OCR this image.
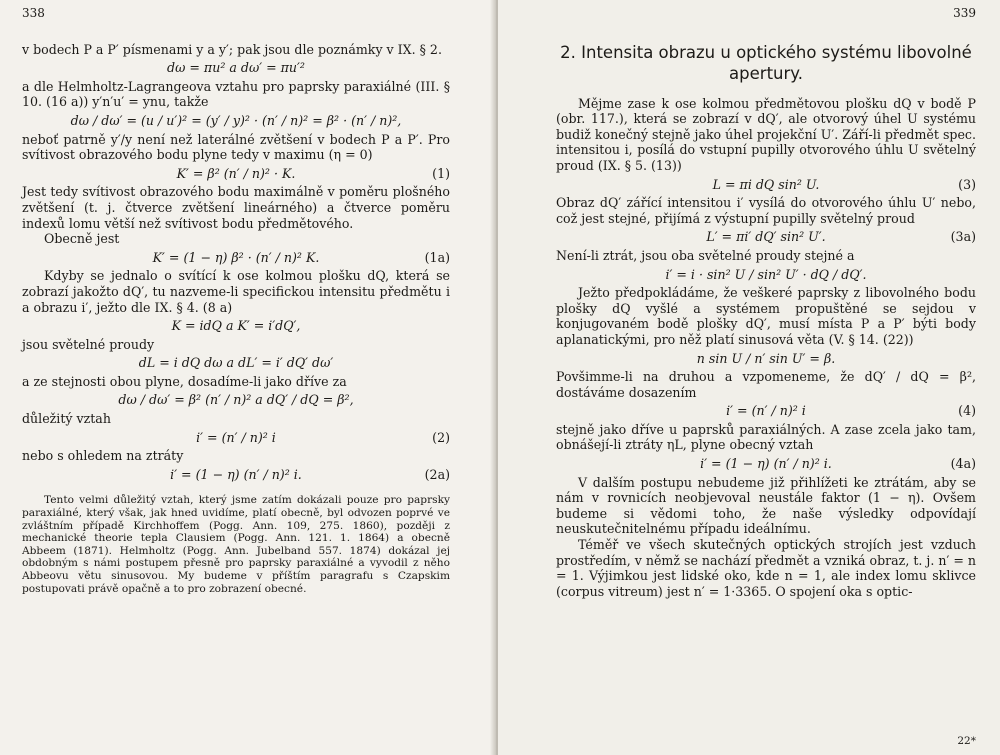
338

v bodech P a P′ písmenami y a y′; pak jsou dle poznámky v IX. § 2.

dω = πu² a dω′ = πu′²

a dle Helmholtz-Lagrangeova vztahu pro paprsky paraxiálné (III. § 10. (16 a)) y′n′u′ = ynu, takže

dω / dω′ = (u / u′)² = (y′ / y)² · (n′ / n)² = β² · (n′ / n)²,

neboť patrně y′/y není než laterálné zvětšení v bodech P a P′. Pro svítivost obrazového bodu plyne tedy v maximu (η = 0)

K′ = β² (n′ / n)² · K.	(1)

Jest tedy svítivost obrazového bodu maximálně v poměru plošného zvětšení (t. j. čtverce zvětšení lineárného) a čtverce poměru indexů lomu větší než svítivost bodu předmětového.

Obecně jest

K′ = (1 − η) β² · (n′ / n)² K.	(1a)

Kdyby se jednalo o svítící k ose kolmou plošku dQ, která se zobrazí jakožto dQ′, tu nazveme-li specifickou intensitu předmětu i a obrazu i′, ježto dle IX. § 4. (8 a)

K = idQ a K′ = i′dQ′,

jsou světelné proudy

dL = i dQ dω a dL′ = i′ dQ′ dω′

a ze stejnosti obou plyne, dosadíme-li jako dříve za

dω / dω′ = β² (n′ / n)² a dQ′ / dQ = β²,

důležitý vztah

i′ = (n′ / n)² i	(2)

nebo s ohledem na ztráty

i′ = (1 − η) (n′ / n)² i.	(2a)

Tento velmi důležitý vztah, který jsme zatím dokázali pouze pro paprsky paraxiálné, který však, jak hned uvidíme, platí obecně, byl odvozen poprvé ve zvláštním případě Kirchhoffem (Pogg. Ann. 109, 275. 1860), později z mechanické theorie tepla Clausiem (Pogg. Ann. 121. 1. 1864) a obecně Abbeem (1871). Helmholtz (Pogg. Ann. Jubelband 557. 1874) dokázal jej obdobným s námi postupem přesně pro paprsky paraxiálné a vyvodil z něho Abbeovu větu sinusovou. My budeme v příštím paragrafu s Czapskim postupovati právě opačně a to pro zobrazení obecné.

339
2. Intensita obrazu u optického systému libovolné apertury.

Mějme zase k ose kolmou předmětovou plošku dQ v bodě P (obr. 117.), která se zobrazí v dQ′, ale otvorový úhel U systému budiž konečný stejně jako úhel projekční U′. Září-li předmět spec. intensitou i, posílá do vstupní pupilly otvorového úhlu U světelný proud (IX. § 5. (13))

L = πi dQ sin² U.	(3)

Obraz dQ′ zářící intensitou i′ vysílá do otvorového úhlu U′ nebo, což jest stejné, přijímá z výstupní pupilly světelný proud

L′ = πi′ dQ′ sin² U′.	(3a)

Není-li ztrát, jsou oba světelné proudy stejné a

i′ = i · sin² U / sin² U′ · dQ / dQ′.

Ježto předpokládáme, že veškeré paprsky z libovolného bodu plošky dQ vyšlé a systémem propuštěné se sejdou v konjugovaném bodě plošky dQ′, musí místa P a P′ býti body aplanatickými, pro něž platí sinusová věta (V. § 14. (22))

n sin U / n′ sin U′ = β.

Povšimme-li na druhou a vzpomeneme, že dQ′ / dQ = β², dostáváme dosazením

i′ = (n′ / n)² i	(4)

stejně jako dříve u paprsků paraxiálných. A zase zcela jako tam, obnášejí-li ztráty ηL, plyne obecný vztah

i′ = (1 − η) (n′ / n)² i.	(4a)

V dalším postupu nebudeme již přihlížeti ke ztrátám, aby se nám v rovnicích neobjevoval neustále faktor (1 − η). Ovšem budeme si vědomi toho, že naše výsledky odpovídají neuskutečnitelnému případu ideálnímu.

Téměř ve všech skutečných optických strojích jest vzduch prostředím, v němž se nachází předmět a vzniká obraz, t. j. n′ = n = 1. Výjimkou jest lidské oko, kde n = 1, ale index lomu sklivce (corpus vitreum) jest n′ = 1·3365. O spojení oka s optic-

22*
